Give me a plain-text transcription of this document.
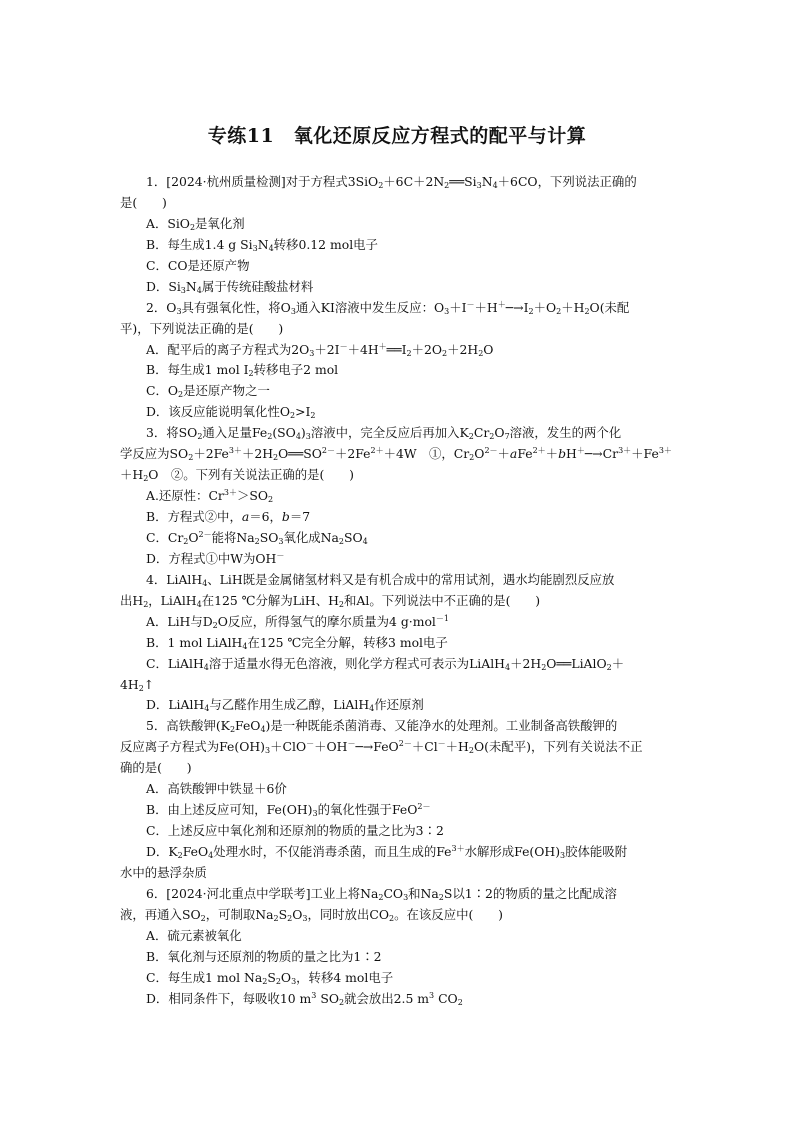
专练11　氧化还原反应方程式的配平与计算
1．[2024·杭州质量检测]对于方程式$3SiO_2+6C+2N_2══Si_3N_4+6CO$，下列说法正确的
是(　　)
A．SiO$_2$是氧化剂
B．每生成1.4 g $Si_3N_4$转移0.12 mol电子
C．CO是还原产物
D．$Si_3N_4$属于传统硅酸盐材料
2．$O_3$具有强氧化性，将$O_3$通入KI溶液中发生反应：$O_3+I^-+H^+─\to I_2+O_2+H_2O$(未配
平)，下列说法正确的是(　　)
A．配平后的离子方程式为$2O_3+2I^-+4H^+══I_2+2O_2+2H_2O$
B．每生成1 mol $I_2$转移电子2 mol
C．$O_2$是还原产物之一
D．该反应能说明氧化性$O_2>I_2$
3．将$SO_2$通入足量$Fe_2(SO_4)_3$溶液中，完全反应后再加入$K_2Cr_2O_7$溶液，发生的两个化
学反应为$SO_2+2Fe^{3+}+2H_2O══SO^{2-}+2Fe^{2+}+4W$　①，$Cr_2O^{2-}+aFe^{2+}+bH^+─\to Cr^{3+}+Fe^{3+}$
$+H_2O$　②。下列有关说法正确的是(　　)
A.还原性：$Cr^{3+}>SO_2$
B．方程式②中，a＝6，b＝7
C．$Cr_2O^{2-}$能将$Na_2SO_3$氧化成$Na_2SO_4$
D．方程式①中W为OH－
4．LiAlH$_4$、LiH既是金属储氢材料又是有机合成中的常用试剂，遇水均能剧烈反应放
出$H_2$，LiAlH$_4$在125 ℃分解为LiH、$H_2$和Al。下列说法中不正确的是(　　)
A．LiH与$D_2O$反应，所得氢气的摩尔质量为4 g·mol$^{-1}$
B．1 mol LiAlH$_4$在125 ℃完全分解，转移3 mol电子
C．LiAlH$_4$溶于适量水得无色溶液，则化学方程式可表示为$LiAlH_4+2H_2O══LiAlO_2+$
$4H_2↑$
D．LiAlH$_4$与乙醛作用生成乙醇，LiAlH$_4$作还原剂
5．高铁酸钾$(K_2FeO_4)$是一种既能杀菌消毒、又能净水的处理剂。工业制备高铁酸钾的
反应离子方程式为$Fe(OH)_3+ClO^-+OH^-─\to FeO^{2-}+Cl^-+H_2O$(未配平)，下列有关说法不正
确的是(　　)
A．高铁酸钾中铁显＋6价
B．由上述反应可知，$Fe(OH)_3$的氧化性强于FeO$^{2-}$
C．上述反应中氧化剂和还原剂的物质的量之比为3∶2
D．$K_2FeO_4$处理水时，不仅能消毒杀菌，而且生成的$Fe^{3+}$水解形成$Fe(OH)_3$胶体能吸附
水中的悬浮杂质
6．[2024·河北重点中学联考]工业上将$Na_2CO_3$和$Na_2S$以1∶2的物质的量之比配成溶
液，再通入$SO_2$，可制取$Na_2S_2O_3$，同时放出$CO_2$。在该反应中(　　)
A．硫元素被氧化
B．氧化剂与还原剂的物质的量之比为1∶2
C．每生成1 mol $Na_2S_2O_3$，转移4 mol电子
D．相同条件下，每吸收10 $m^3$ $SO_2$就会放出2.5 $m^3$ $CO_2$
